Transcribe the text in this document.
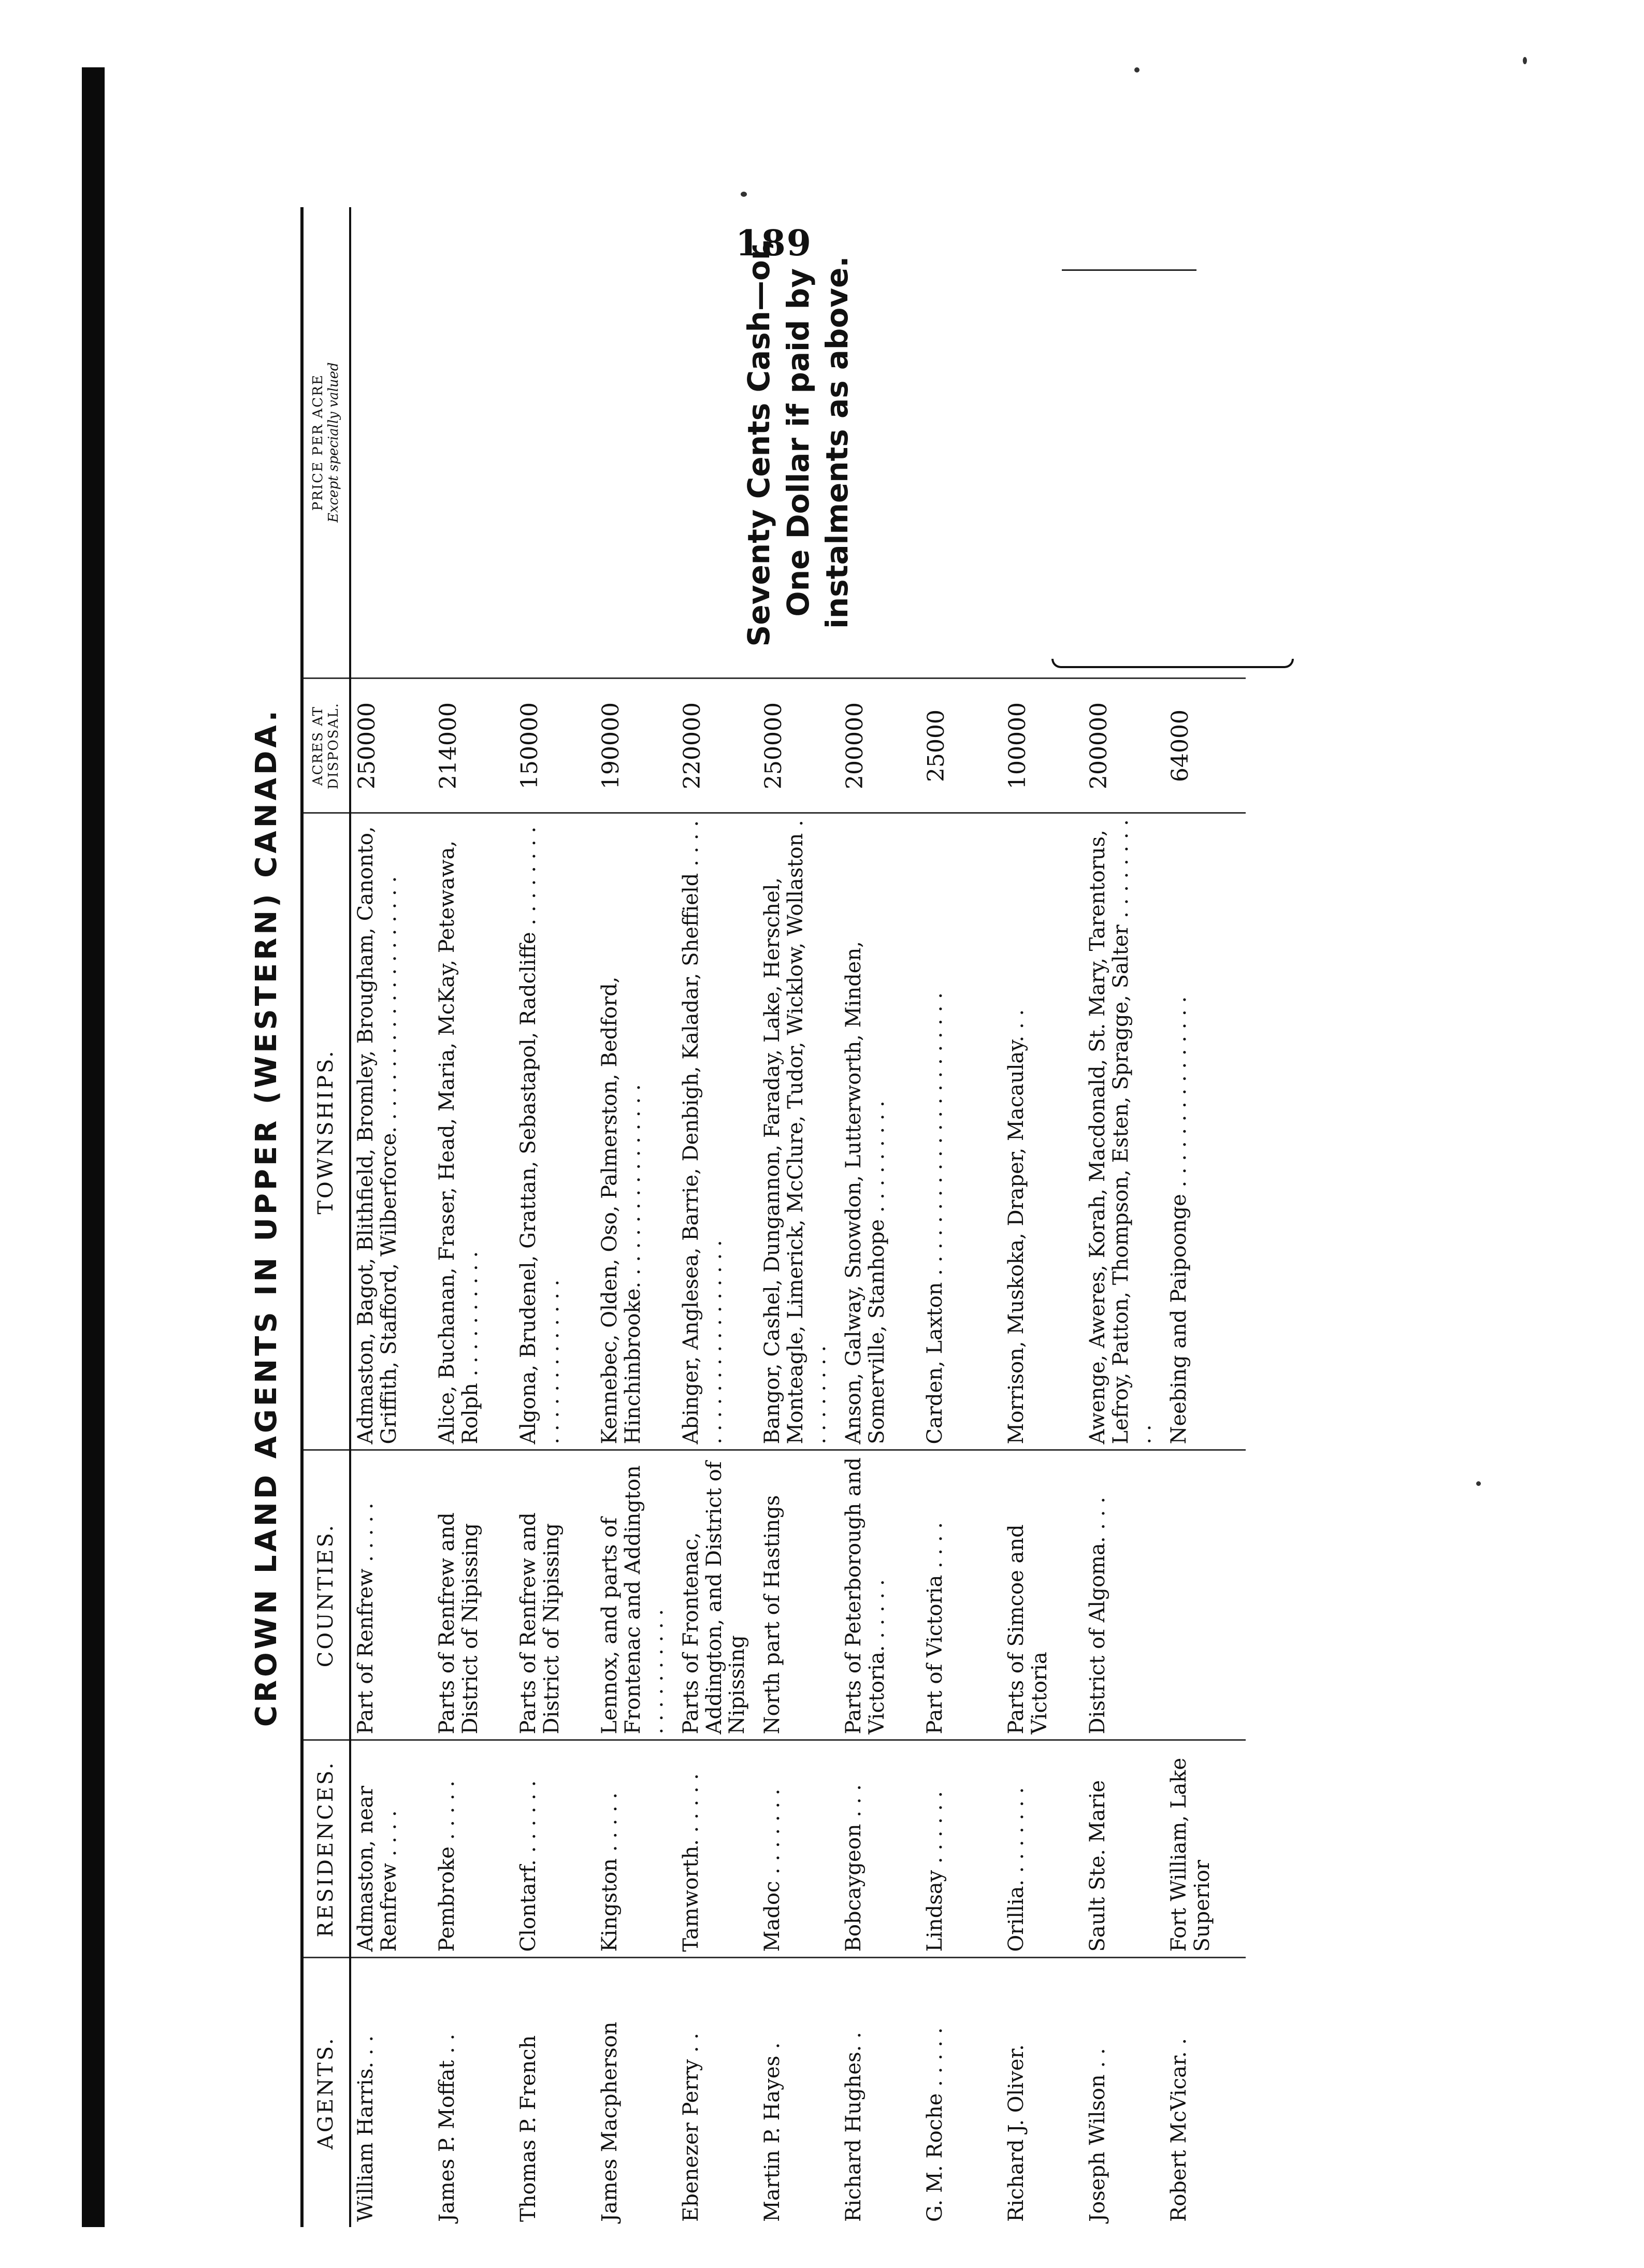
189
CROWN LAND AGENTS IN UPPER (WESTERN) CANADA.
AGENTS.	RESIDENCES.	COUNTIES.	TOWNSHIPS.	ACRES AT DISPOSAL.	PRICE PER ACRE Except specially valued

William Harris. . .	Admaston, near Renfrew . . . .	Part of Renfrew . . . . .	Admaston, Bagot, Blithfield, Bromley, Brougham, Canonto, Griffith, Stafford, Wilberforce. . . . . . . . . . . . . . . . . . . .	250000	Seventy Cents Cash—or, One Dollar if paid by instalments as above.
James P. Moffat . .	Pembroke . . . . .	Parts of Renfrew and District of Nipissing	Alice, Buchanan, Fraser, Head, Maria, McKay, Petewawa, Rolph . . . . . . . . . .	214000	
Thomas P. French	Clontarf. . . . . . .	Parts of Renfrew and District of Nipissing	Algona, Brudenel, Grattan, Sebastapol, Radcliffe . . . . . . . . . . . . . . . . . . . . .	150000	
James Macpherson	Kingston . . . . .	Lennox, and parts of Frontenac and Addington . . . . . . . . . .	Kennebec, Olden, Oso, Palmerston, Bedford, Hinchinbrooke. . . . . . . . . . . . . . . .	190000	
Ebenezer Perry . .	Tamworth. . . . . .	Parts of Frontenac, Addington, and District of Nipissing	Abinger, Anglesea, Barrie, Denbigh, Kaladar, Sheffield . . . . . . . . . . . . . . . . . . . .	220000	
Martin P. Hayes .	Madoc . . . . . . .	North part of Hastings	Bangor, Cashel, Dungannon, Faraday, Lake, Herschel, Monteagle, Limerick, McClure, Tudor, Wicklow, Wollaston . . . . . . . . .	250000	
Richard Hughes. .	Bobcaygeon . . .	Parts of Peterborough and Victoria. . . . . .	Anson, Galway, Snowdon, Lutterworth, Minden, Somerville, Stanhope . . . . . . . . .	200000	
G. M. Roche . . . . .	Lindsay . . . . . .	Part of Victoria . . . .	Carden, Laxton . . . . . . . . . . . . . . . . . . . . . .	25000	
Richard J. Oliver.	Orillia. . . . . . . .	Parts of Simcoe and Victoria	Morrison, Muskoka, Draper, Macaulay. . .	100000	
Joseph Wilson . .	Sault Ste. Marie	District of Algoma. . . .	Awenge, Aweres, Korah, Macdonald, St. Mary, Tarentorus, Lefroy, Patton, Thompson, Esten, Spragge, Salter . . . . . . . . . .	200000	
Robert McVicar. .	Fort William, Lake Superior		Neebing and Paipoonge . . . . . . . . . . . . . . .	64000	
